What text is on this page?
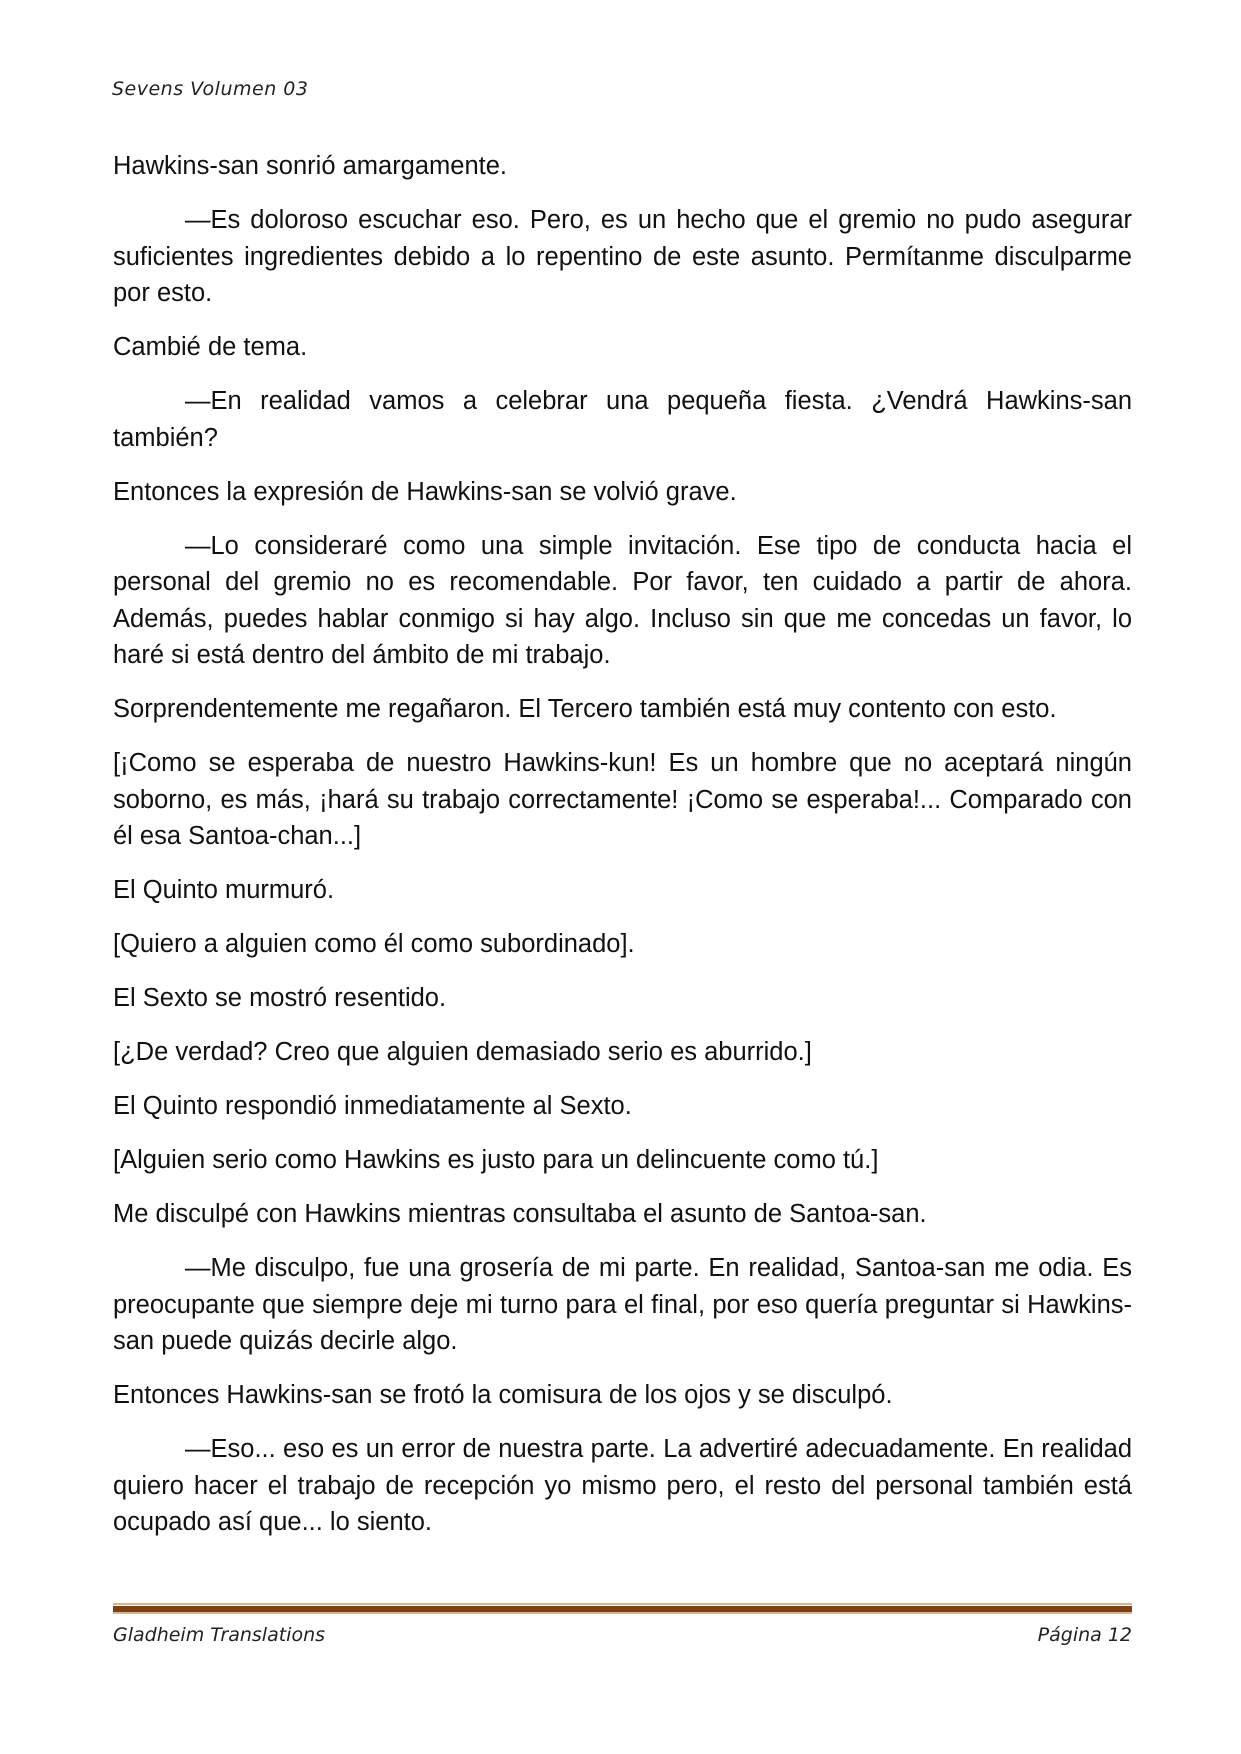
Sevens Volumen 03

Hawkins-san sonrió amargamente.

—Es doloroso escuchar eso. Pero, es un hecho que el gremio no pudo asegurar suficientes ingredientes debido a lo repentino de este asunto. Permítanme disculparme por esto.

Cambié de tema.

—En realidad vamos a celebrar una pequeña fiesta. ¿Vendrá Hawkins-san también?

Entonces la expresión de Hawkins-san se volvió grave.

—Lo consideraré como una simple invitación. Ese tipo de conducta hacia el personal del gremio no es recomendable. Por favor, ten cuidado a partir de ahora. Además, puedes hablar conmigo si hay algo. Incluso sin que me concedas un favor, lo haré si está dentro del ámbito de mi trabajo.

Sorprendentemente me regañaron. El Tercero también está muy contento con esto.

[¡Como se esperaba de nuestro Hawkins-kun! Es un hombre que no aceptará ningún soborno, es más, ¡hará su trabajo correctamente! ¡Como se esperaba!... Comparado con él esa Santoa-chan...]

El Quinto murmuró.

[Quiero a alguien como él como subordinado].

El Sexto se mostró resentido.

[¿De verdad? Creo que alguien demasiado serio es aburrido.]

El Quinto respondió inmediatamente al Sexto.

[Alguien serio como Hawkins es justo para un delincuente como tú.]

Me disculpé con Hawkins mientras consultaba el asunto de Santoa-san.

—Me disculpo, fue una grosería de mi parte. En realidad, Santoa-san me odia. Es preocupante que siempre deje mi turno para el final, por eso quería preguntar si Hawkins-san puede quizás decirle algo.

Entonces Hawkins-san se frotó la comisura de los ojos y se disculpó.

—Eso... eso es un error de nuestra parte. La advertiré adecuadamente. En realidad quiero hacer el trabajo de recepción yo mismo pero, el resto del personal también está ocupado así que... lo siento.

Gladheim Translations	Página 12
